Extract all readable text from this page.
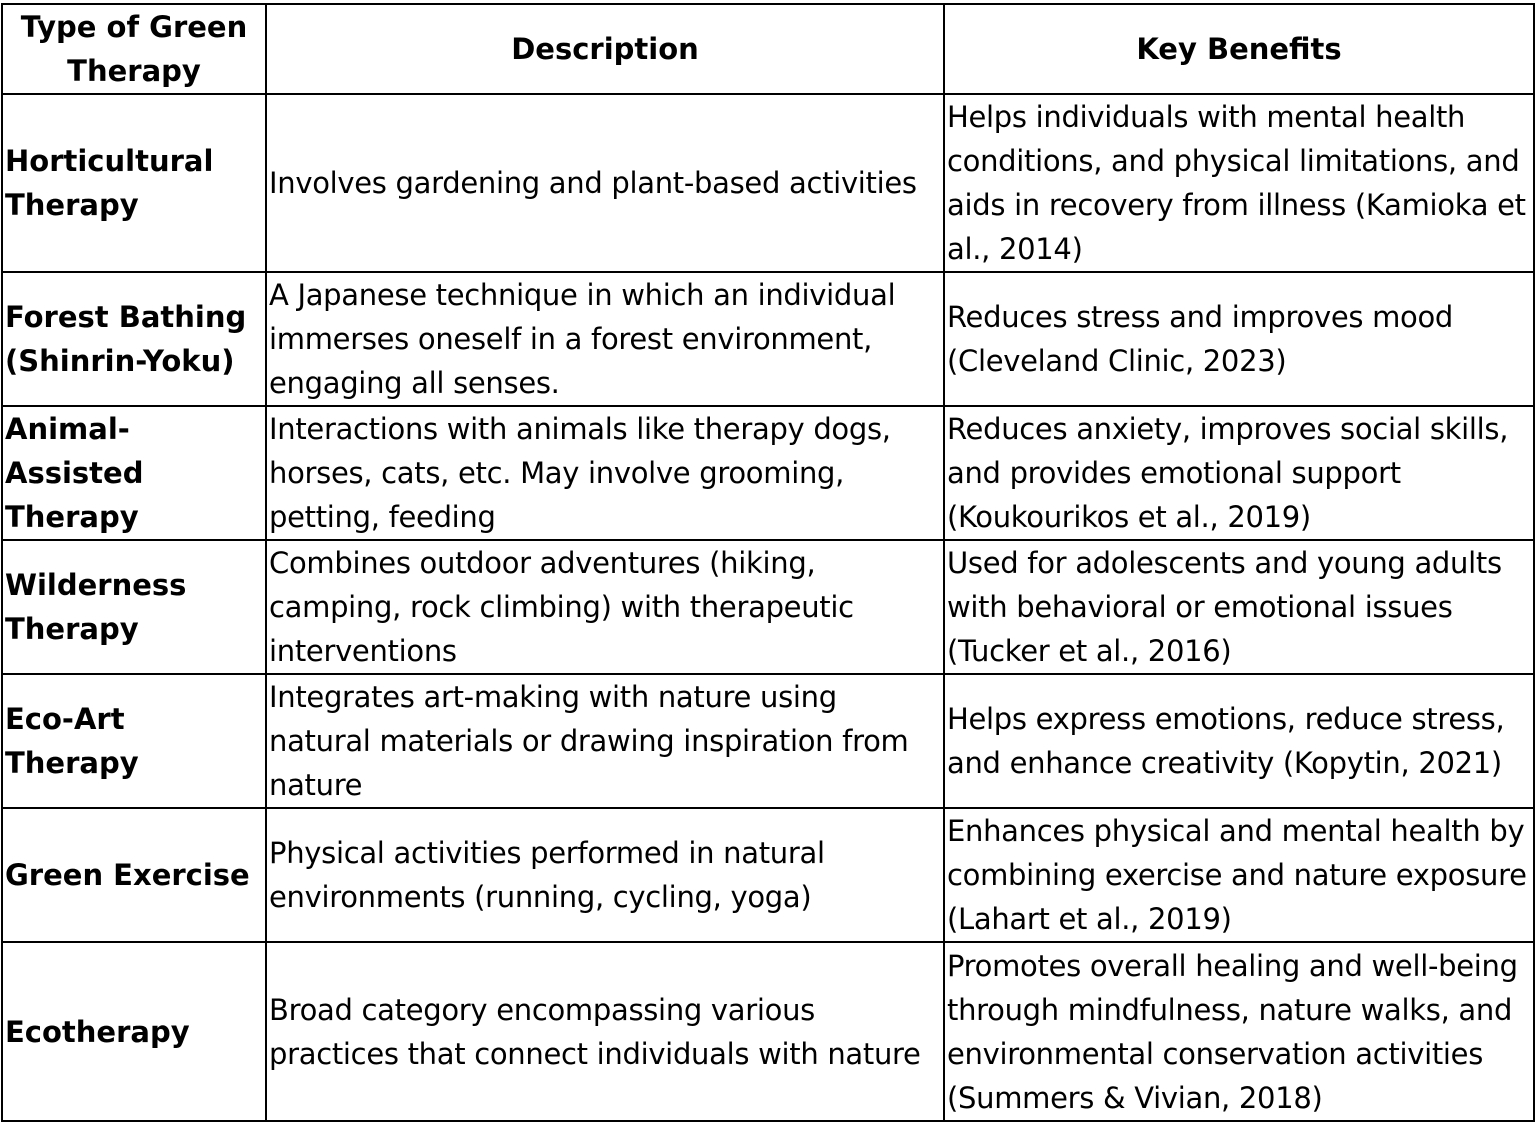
Type of Green Therapy	Description	Key Benefits
Horticultural Therapy	Involves gardening and plant-based activities	Helps individuals with mental health conditions, and physical limitations, and aids in recovery from illness (Kamioka et al., 2014)
Forest Bathing (Shinrin-Yoku)	A Japanese technique in which an individual immerses oneself in a forest environment, engaging all senses.	Reduces stress and improves mood (Cleveland Clinic, 2023)
Animal-Assisted Therapy	Interactions with animals like therapy dogs, horses, cats, etc. May involve grooming, petting, feeding	Reduces anxiety, improves social skills, and provides emotional support (Koukourikos et al., 2019)
Wilderness Therapy	Combines outdoor adventures (hiking, camping, rock climbing) with therapeutic interventions	Used for adolescents and young adults with behavioral or emotional issues (Tucker et al., 2016)
Eco-Art Therapy	Integrates art-making with nature using natural materials or drawing inspiration from nature	Helps express emotions, reduce stress, and enhance creativity (Kopytin, 2021)
Green Exercise	Physical activities performed in natural environments (running, cycling, yoga)	Enhances physical and mental health by combining exercise and nature exposure (Lahart et al., 2019)
Ecotherapy	Broad category encompassing various practices that connect individuals with nature	Promotes overall healing and well-being through mindfulness, nature walks, and environmental conservation activities (Summers & Vivian, 2018)
